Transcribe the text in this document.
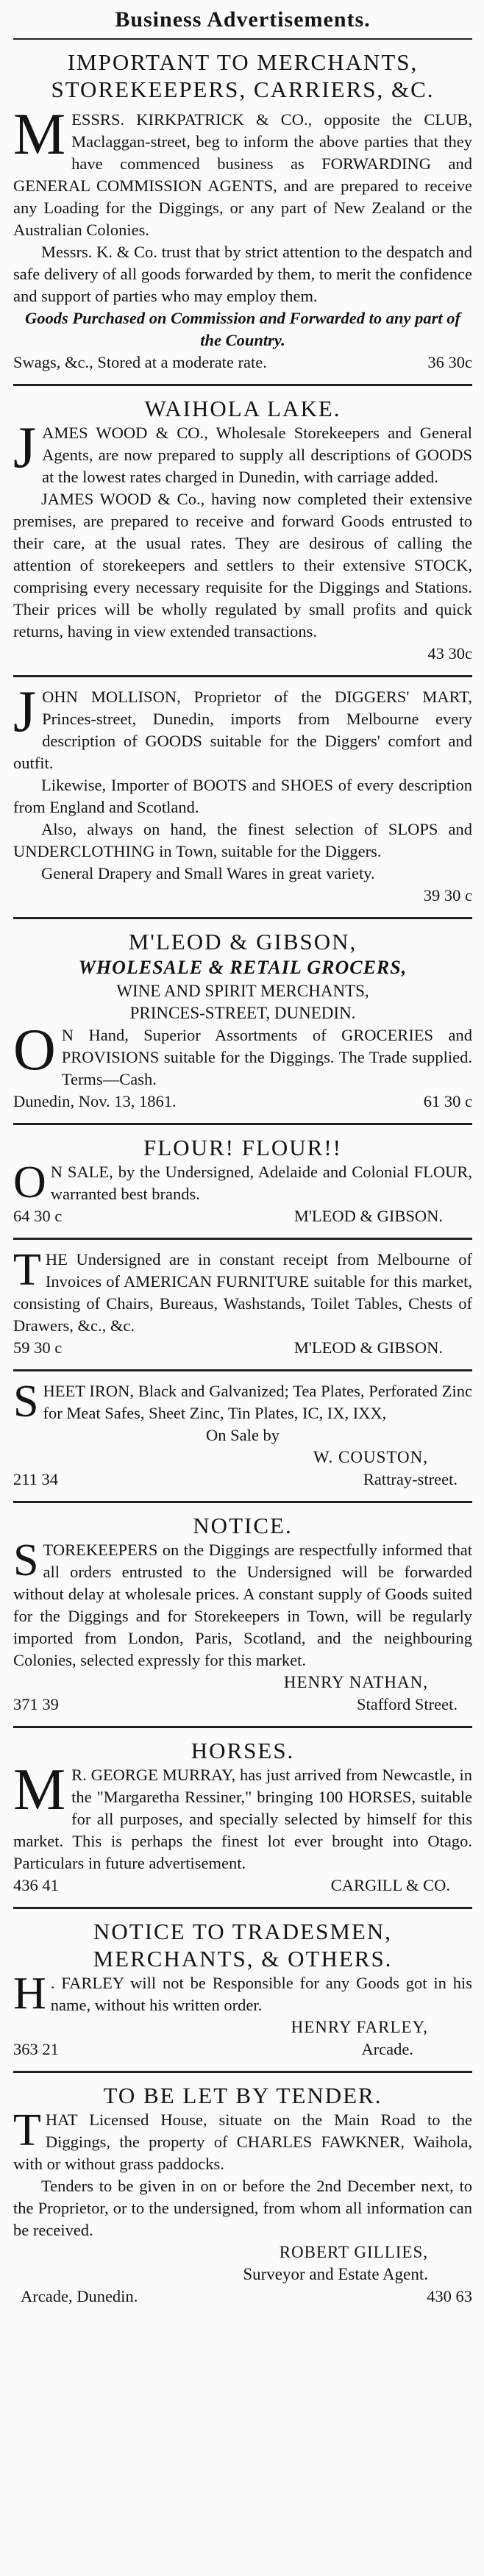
Business Advertisements.
IMPORTANT TO MERCHANTS,
STOREKEEPERS, CARRIERS, &C.

MESSRS. KIRKPATRICK & CO., opposite the CLUB, Maclaggan-street, beg to inform the above parties that they have commenced business as FORWARDING and GENERAL COMMISSION AGENTS, and are prepared to receive any Loading for the Diggings, or any part of New Zealand or the Australian Colonies.

Messrs. K. & Co. trust that by strict attention to the despatch and safe delivery of all goods forwarded by them, to merit the confidence and support of parties who may employ them.

Goods Purchased on Commission and Forwarded to any part of the Country.

Swags, &c., Stored at a moderate rate.	36 30c
WAIHOLA LAKE.

JAMES WOOD & CO., Wholesale Storekeepers and General Agents, are now prepared to supply all descriptions of GOODS at the lowest rates charged in Dunedin, with carriage added.

JAMES WOOD & Co., having now completed their extensive premises, are prepared to receive and forward Goods entrusted to their care, at the usual rates. They are desirous of calling the attention of storekeepers and settlers to their extensive STOCK, comprising every necessary requisite for the Diggings and Stations. Their prices will be wholly regulated by small profits and quick returns, having in view extended transactions.

43 30c

JOHN MOLLISON, Proprietor of the DIGGERS' MART, Princes-street, Dunedin, imports from Melbourne every description of GOODS suitable for the Diggers' comfort and outfit.

Likewise, Importer of BOOTS and SHOES of every description from England and Scotland.

Also, always on hand, the finest selection of SLOPS and UNDERCLOTHING in Town, suitable for the Diggers.

General Drapery and Small Wares in great variety.

39 30 c
M'LEOD & GIBSON,
WHOLESALE & RETAIL GROCERS,
WINE AND SPIRIT MERCHANTS,
PRINCES-STREET, DUNEDIN.

O N Hand, Superior Assortments of GROCERIES and PROVISIONS suitable for the Diggings. The Trade supplied. Terms—Cash.

Dunedin, Nov. 13, 1861.	61 30 c
FLOUR! FLOUR!!

O N SALE, by the Undersigned, Adelaide and Colonial FLOUR, warranted best brands.

64 30 c	M'LEOD & GIBSON.

THE Undersigned are in constant receipt from Melbourne of Invoices of AMERICAN FURNITURE suitable for this market, consisting of Chairs, Bureaus, Washstands, Toilet Tables, Chests of Drawers, &c., &c.

59 30 c	M'LEOD & GIBSON.

SHEET IRON, Black and Galvanized; Tea Plates, Perforated Zinc for Meat Safes, Sheet Zinc, Tin Plates, IC, IX, IXX,

On Sale by
W. COUSTON,
211 34	Rattray-street.
NOTICE.

STOREKEEPERS on the Diggings are respectfully informed that all orders entrusted to the Undersigned will be forwarded without delay at wholesale prices. A constant supply of Goods suited for the Diggings and for Storekeepers in Town, will be regularly imported from London, Paris, Scotland, and the neighbouring Colonies, selected expressly for this market.

HENRY NATHAN,
371 39	Stafford Street.
HORSES.

M R. GEORGE MURRAY, has just arrived from Newcastle, in the "Margaretha Ressiner," bringing 100 HORSES, suitable for all purposes, and specially selected by himself for this market. This is perhaps the finest lot ever brought into Otago. Particulars in future advertisement.

436 41	CARGILL & CO.
NOTICE TO TRADESMEN,
MERCHANTS, & OTHERS.

H . FARLEY will not be Responsible for any Goods got in his name, without his written order.

HENRY FARLEY,
363 21	Arcade.
TO BE LET BY TENDER.

THAT Licensed House, situate on the Main Road to the Diggings, the property of CHARLES FAWKNER, Waihola, with or without grass paddocks.

Tenders to be given in on or before the 2nd December next, to the Proprietor, or to the undersigned, from whom all information can be received.

ROBERT GILLIES,
Surveyor and Estate Agent.
Arcade, Dunedin.	430 63
